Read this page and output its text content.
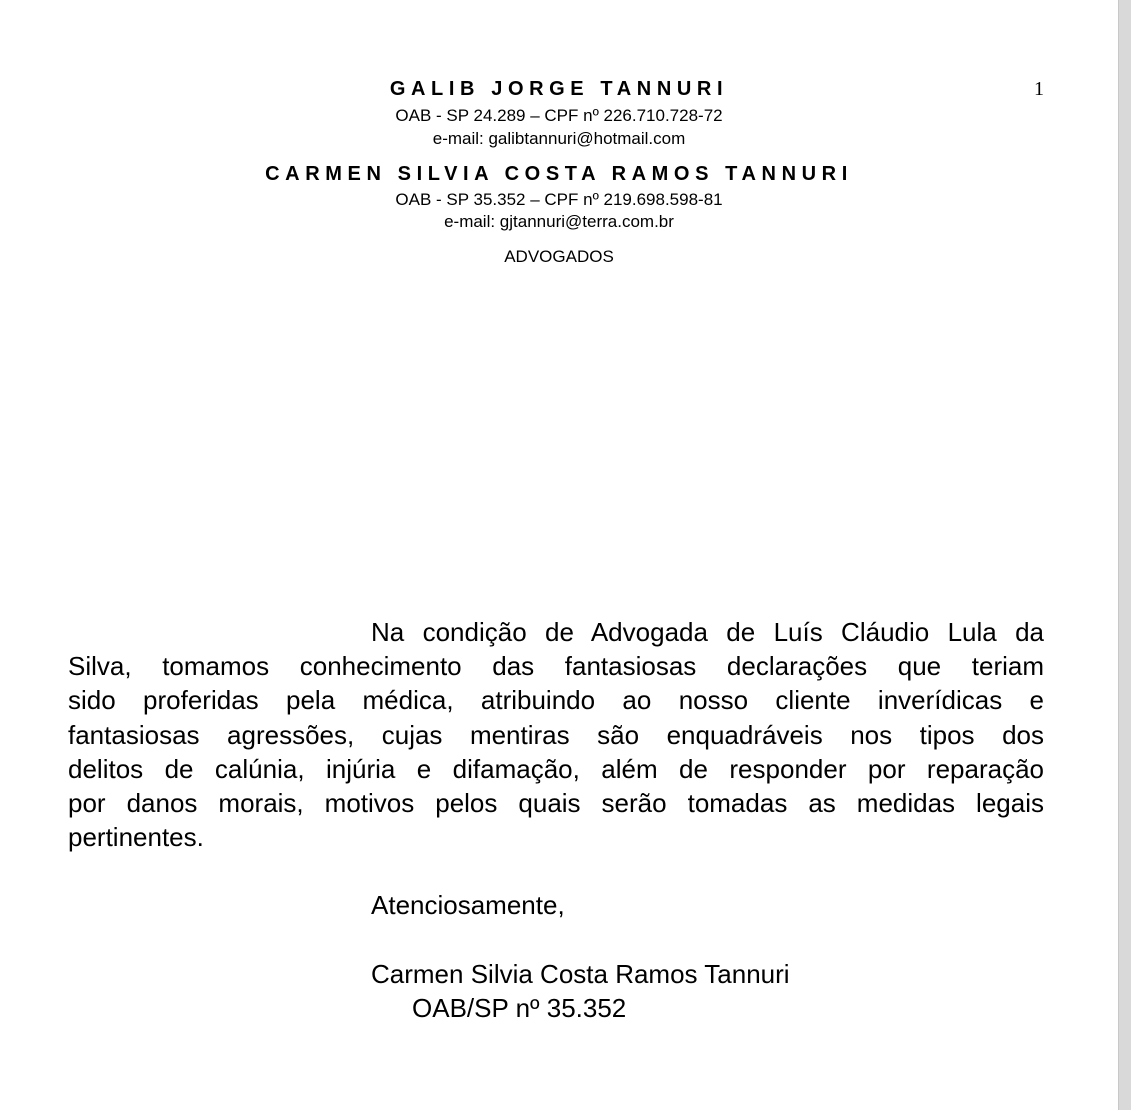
1
GALIB JORGE TANNURI
OAB - SP 24.289 – CPF nº 226.710.728-72
e-mail: galibtannuri@hotmail.com
CARMEN SILVIA COSTA RAMOS TANNURI
OAB - SP 35.352 – CPF nº 219.698.598-81
e-mail: gjtannuri@terra.com.br
ADVOGADOS
Na condição de Advogada de Luís Cláudio Lula da
Silva, tomamos conhecimento das fantasiosas declarações que teriam
sido proferidas pela médica, atribuindo ao nosso cliente inverídicas e
fantasiosas agressões, cujas mentiras são enquadráveis nos tipos dos
delitos de calúnia, injúria e difamação, além de responder por reparação
por danos morais, motivos pelos quais serão tomadas as medidas legais
pertinentes.
Atenciosamente,
Carmen Silvia Costa Ramos Tannuri
OAB/SP nº 35.352
